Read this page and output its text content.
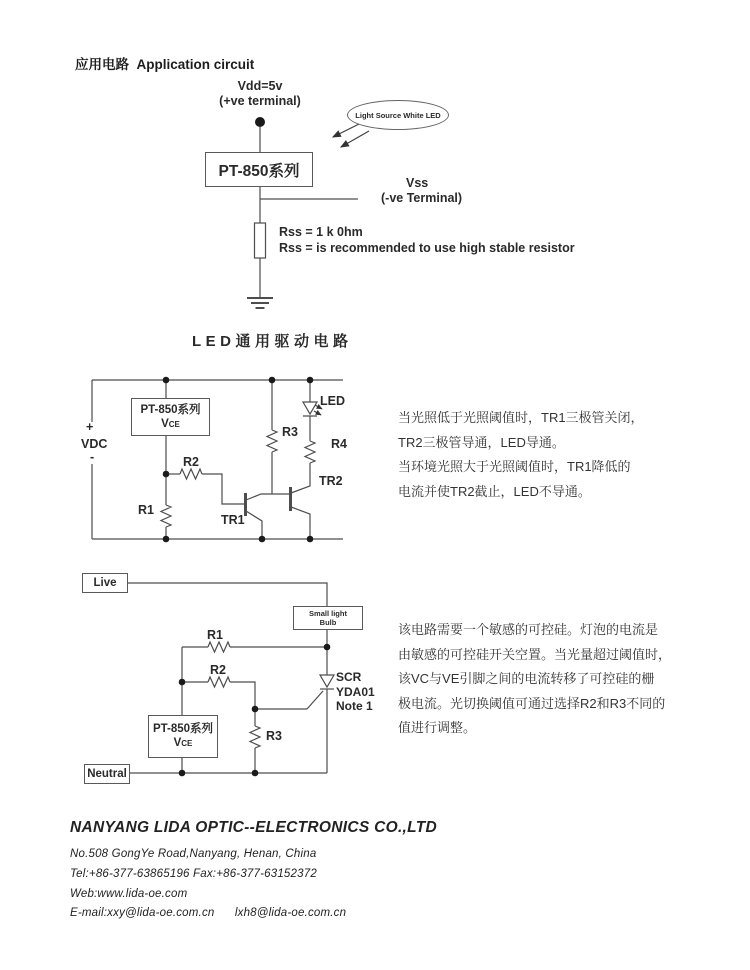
应用电路 Application circuit
Vdd=5v
(+ve terminal)
Light Source White LED
PT-850系列
Vss
(-ve Terminal)
Rss = 1 k 0hm
Rss = is recommended to use high stable resistor
LED通用驱动电路
PT-850系列
VCE
+
VDC
-	R2
R1
TR1
R3
LED
R4
TR2
当光照低于光照阈值时，TR1三极管关闭，
TR2三极管导通，LED导通。
当环境光照大于光照阈值时，TR1降低的
电流并使TR2截止，LED不导通。
Live
Small light
Bulb
R1
R2
R3
SCR
YDA01
Note 1
PT-850系列
VCE
Neutral
该电路需要一个敏感的可控硅。灯泡的电流是
由敏感的可控硅开关空置。当光量超过阈值时，
该VC与VE引脚之间的电流转移了可控硅的栅
极电流。光切换阈值可通过选择R2和R3不同的
值进行调整。
NANYANG LIDA OPTIC--ELECTRONICS CO.,LTD
No.508 GongYe Road,Nanyang, Henan, China
Tel:+86-377-63865196 Fax:+86-377-63152372
Web:www.lida-oe.com
E-mail:xxy@lida-oe.com.cn      lxh8@lida-oe.com.cn
